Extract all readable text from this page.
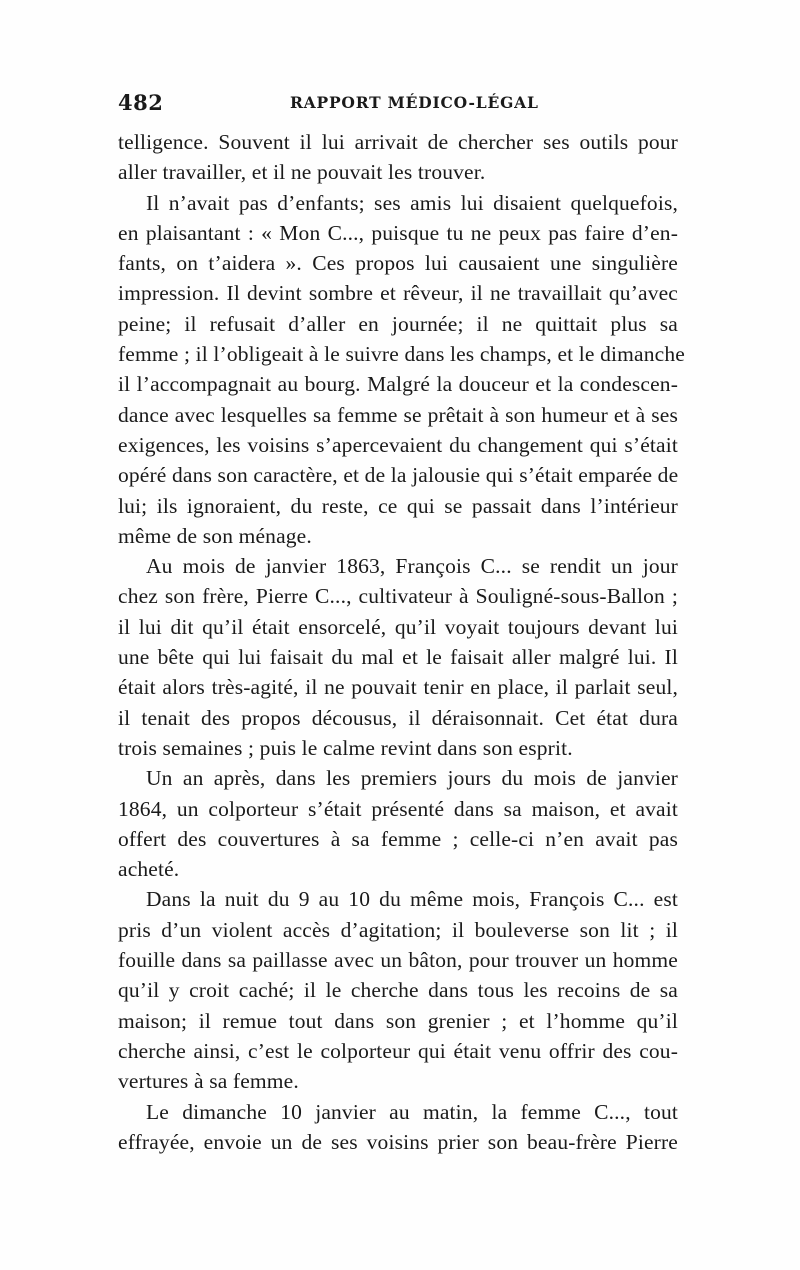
482	RAPPORT MÉDICO-LÉGAL
telligence. Souvent il lui arrivait de chercher ses outils pour
aller travailler, et il ne pouvait les trouver.
Il n’avait pas d’enfants; ses amis lui disaient quelquefois,
en plaisantant : « Mon C..., puisque tu ne peux pas faire d’en-
fants, on t’aidera ». Ces propos lui causaient une singulière
impression. Il devint sombre et rêveur, il ne travaillait qu’avec
peine; il refusait d’aller en journée; il ne quittait plus sa
femme ; il l’obligeait à le suivre dans les champs, et le dimanche
il l’accompagnait au bourg. Malgré la douceur et la condescen-
dance avec lesquelles sa femme se prêtait à son humeur et à ses
exigences, les voisins s’apercevaient du changement qui s’était
opéré dans son caractère, et de la jalousie qui s’était emparée de
lui; ils ignoraient, du reste, ce qui se passait dans l’intérieur
même de son ménage.
Au mois de janvier 1863, François C... se rendit un jour
chez son frère, Pierre C..., cultivateur à Souligné-sous-Ballon ;
il lui dit qu’il était ensorcelé, qu’il voyait toujours devant lui
une bête qui lui faisait du mal et le faisait aller malgré lui. Il
était alors très-agité, il ne pouvait tenir en place, il parlait seul,
il tenait des propos décousus, il déraisonnait. Cet état dura
trois semaines ; puis le calme revint dans son esprit.
Un an après, dans les premiers jours du mois de janvier
1864, un colporteur s’était présenté dans sa maison, et avait
offert des couvertures à sa femme ; celle-ci n’en avait pas
acheté.
Dans la nuit du 9 au 10 du même mois, François C... est
pris d’un violent accès d’agitation; il bouleverse son lit ; il
fouille dans sa paillasse avec un bâton, pour trouver un homme
qu’il y croit caché; il le cherche dans tous les recoins de sa
maison; il remue tout dans son grenier ; et l’homme qu’il
cherche ainsi, c’est le colporteur qui était venu offrir des cou-
vertures à sa femme.
Le dimanche 10 janvier au matin, la femme C..., tout
effrayée, envoie un de ses voisins prier son beau-frère Pierre
